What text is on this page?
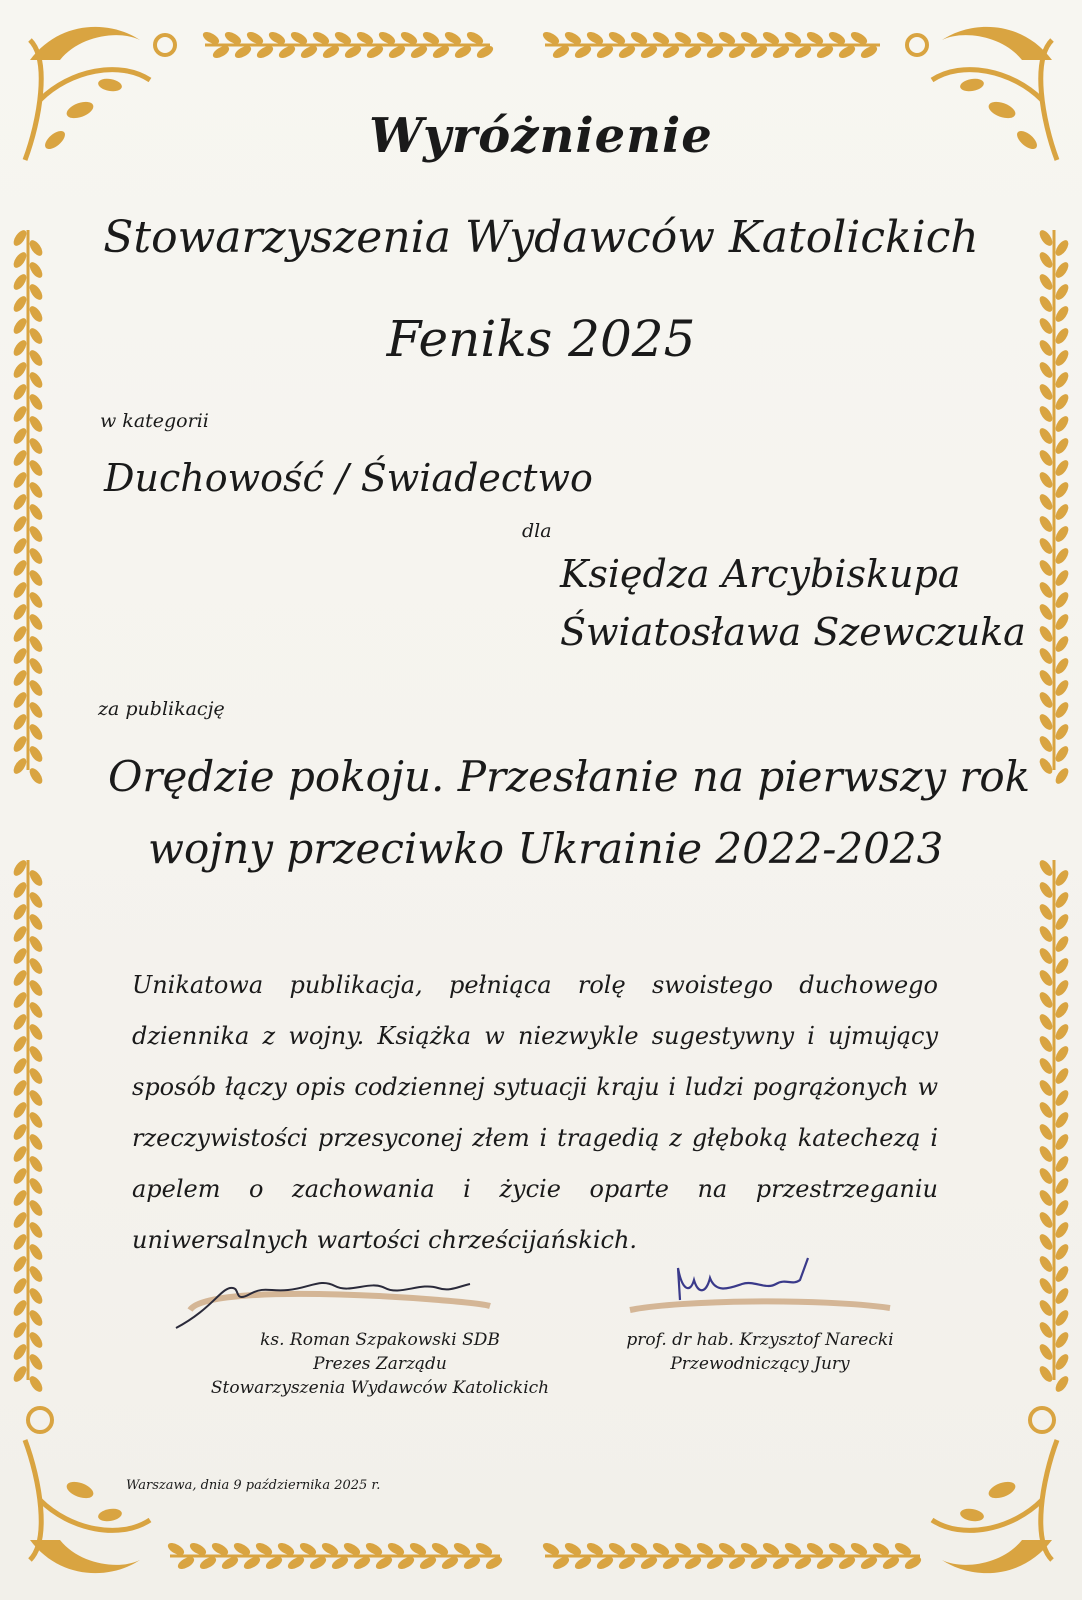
Wyróżnienie
Stowarzyszenia Wydawców Katolickich
Feniks 2025
w kategorii
Duchowość / Świadectwo
dla
Księdza Arcybiskupa
Światosława Szewczuka
za publikację
Orędzie pokoju. Przesłanie na pierwszy rok
wojny przeciwko Ukrainie 2022-2023

Unikatowa publikacja, pełniąca rolę swoistego duchowego dziennika z wojny. Książka w niezwykle sugestywny i ujmujący sposób łączy opis codziennej sytuacji kraju i ludzi pogrążonych w rzeczywistości przesyconej złem i tragedią z głęboką katechezą i apelem o zachowania i życie oparte na przestrzeganiu uniwersalnych wartości chrześcijańskich.

ks. Roman Szpakowski SDB
Prezes Zarządu
Stowarzyszenia Wydawców Katolickich
prof. dr hab. Krzysztof Narecki
Przewodniczący Jury
Warszawa, dnia 9 października 2025 r.
